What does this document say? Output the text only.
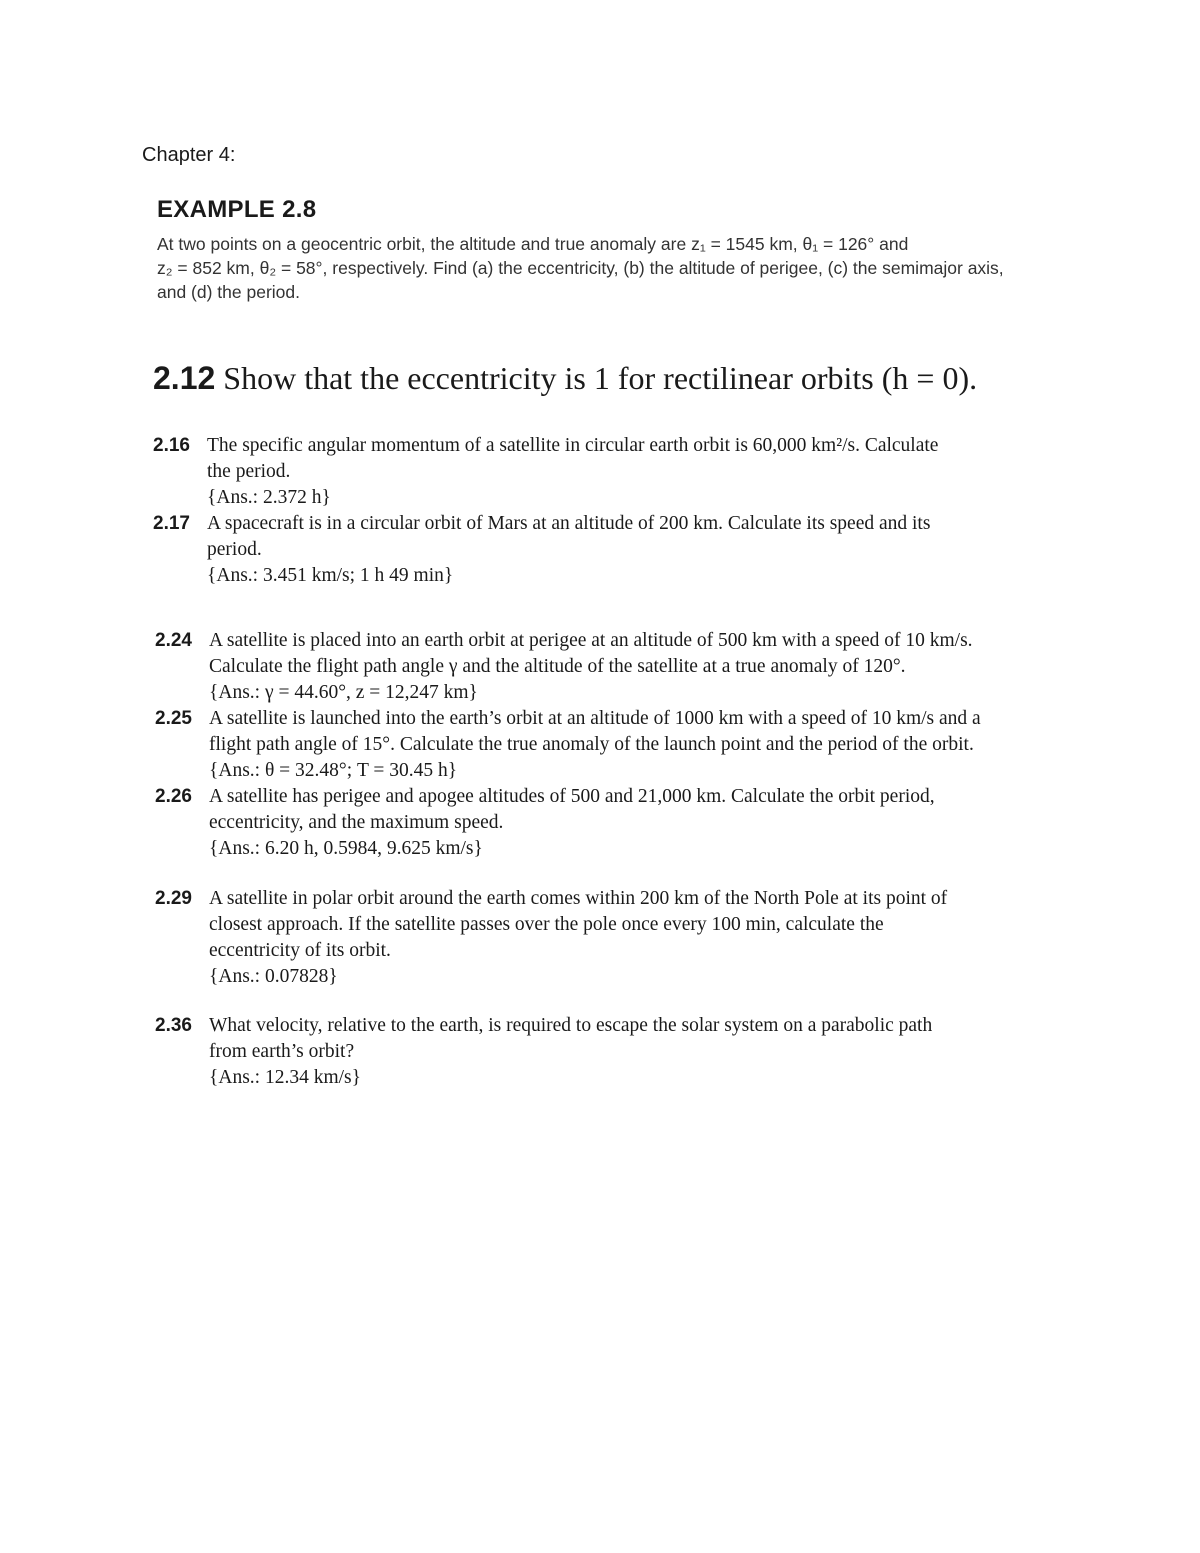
Chapter 4:
EXAMPLE 2.8
At two points on a geocentric orbit, the altitude and true anomaly are z₁ = 1545 km, θ₁ = 126° and
z₂ = 852 km, θ₂ = 58°, respectively. Find (a) the eccentricity, (b) the altitude of perigee, (c) the semimajor axis,
and (d) the period.
2.12 Show that the eccentricity is 1 for rectilinear orbits (h = 0).
2.16 The specific angular momentum of a satellite in circular earth orbit is 60,000 km²/s. Calculate
the period.
{Ans.: 2.372 h}
2.17 A spacecraft is in a circular orbit of Mars at an altitude of 200 km. Calculate its speed and its
period.
{Ans.: 3.451 km/s; 1 h 49 min}
2.24 A satellite is placed into an earth orbit at perigee at an altitude of 500 km with a speed of 10 km/s.
Calculate the flight path angle γ and the altitude of the satellite at a true anomaly of 120°.
{Ans.: γ = 44.60°, z = 12,247 km}
2.25 A satellite is launched into the earth’s orbit at an altitude of 1000 km with a speed of 10 km/s and a
flight path angle of 15°. Calculate the true anomaly of the launch point and the period of the orbit.
{Ans.: θ = 32.48°; T = 30.45 h}
2.26 A satellite has perigee and apogee altitudes of 500 and 21,000 km. Calculate the orbit period,
eccentricity, and the maximum speed.
{Ans.: 6.20 h, 0.5984, 9.625 km/s}
2.29 A satellite in polar orbit around the earth comes within 200 km of the North Pole at its point of
closest approach. If the satellite passes over the pole once every 100 min, calculate the
eccentricity of its orbit.
{Ans.: 0.07828}
2.36 What velocity, relative to the earth, is required to escape the solar system on a parabolic path
from earth’s orbit?
{Ans.: 12.34 km/s}
